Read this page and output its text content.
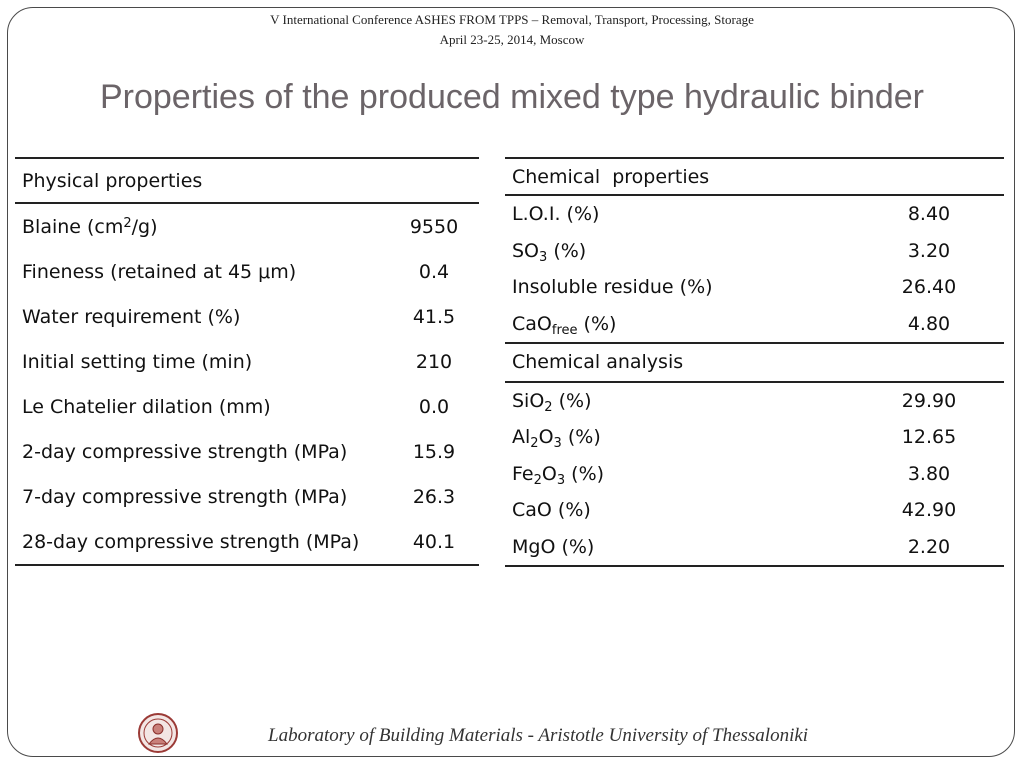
V International Conference ASHES FROM TPPS – Removal, Transport, Processing, Storage
April 23-25, 2014, Moscow
Properties of the produced mixed type hydraulic binder
Physical properties	
Blaine $(cm^2/g)$	9550
Fineness (retained at 45 μm)	0.4
Water requirement (%)	41.5
Initial setting time (min)	210
Le Chatelier dilation (mm)	0.0
2-day compressive strength (MPa)	15.9
7-day compressive strength (MPa)	26.3
28-day compressive strength (MPa)	40.1
Chemical  properties	
L.O.I. (%)	8.40
$SO_3$ (%)	3.20
Insoluble residue (%)	26.40
CaO$_{free}$ (%)	4.80
Chemical analysis	
SiO$_2$ (%)	29.90
$Al_2O_3$ (%)	12.65
$Fe_2O_3$ (%)	3.80
CaO (%)	42.90
MgO (%)	2.20
Laboratory of Building Materials - Aristotle University of Thessaloniki
